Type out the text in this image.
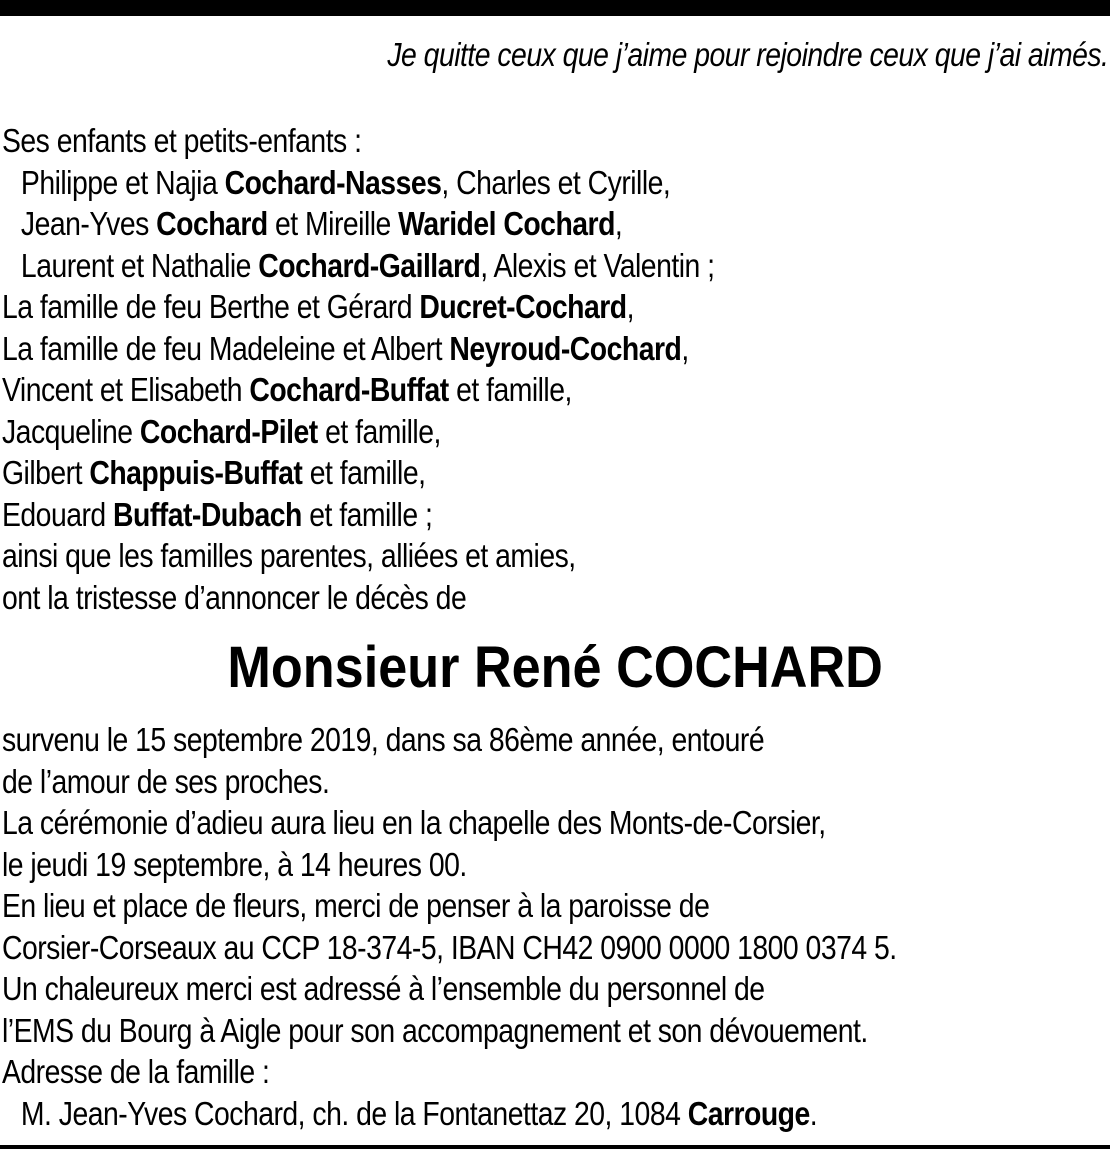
Je quitte ceux que j’aime pour rejoindre ceux que j’ai aimés.
Ses enfants et petits-enfants :
Philippe et Najia Cochard-Nasses, Charles et Cyrille,
Jean-Yves Cochard et Mireille Waridel Cochard,
Laurent et Nathalie Cochard-Gaillard, Alexis et Valentin ;
La famille de feu Berthe et Gérard Ducret-Cochard,
La famille de feu Madeleine et Albert Neyroud-Cochard,
Vincent et Elisabeth Cochard-Buffat et famille,
Jacqueline Cochard-Pilet et famille,
Gilbert Chappuis-Buffat et famille,
Edouard Buffat-Dubach et famille ;
ainsi que les familles parentes, alliées et amies,
ont la tristesse d’annoncer le décès de
Monsieur René COCHARD
survenu le 15 septembre 2019, dans sa 86ème année, entouré
de l’amour de ses proches.
La cérémonie d’adieu aura lieu en la chapelle des Monts-de-Corsier,
le jeudi 19 septembre, à 14 heures 00.
En lieu et place de fleurs, merci de penser à la paroisse de
Corsier-Corseaux au CCP 18-374-5, IBAN CH42 0900 0000 1800 0374 5.
Un chaleureux merci est adressé à l’ensemble du personnel de
l’EMS du Bourg à Aigle pour son accompagnement et son dévouement.
Adresse de la famille :
M. Jean-Yves Cochard, ch. de la Fontanettaz 20, 1084 Carrouge.
